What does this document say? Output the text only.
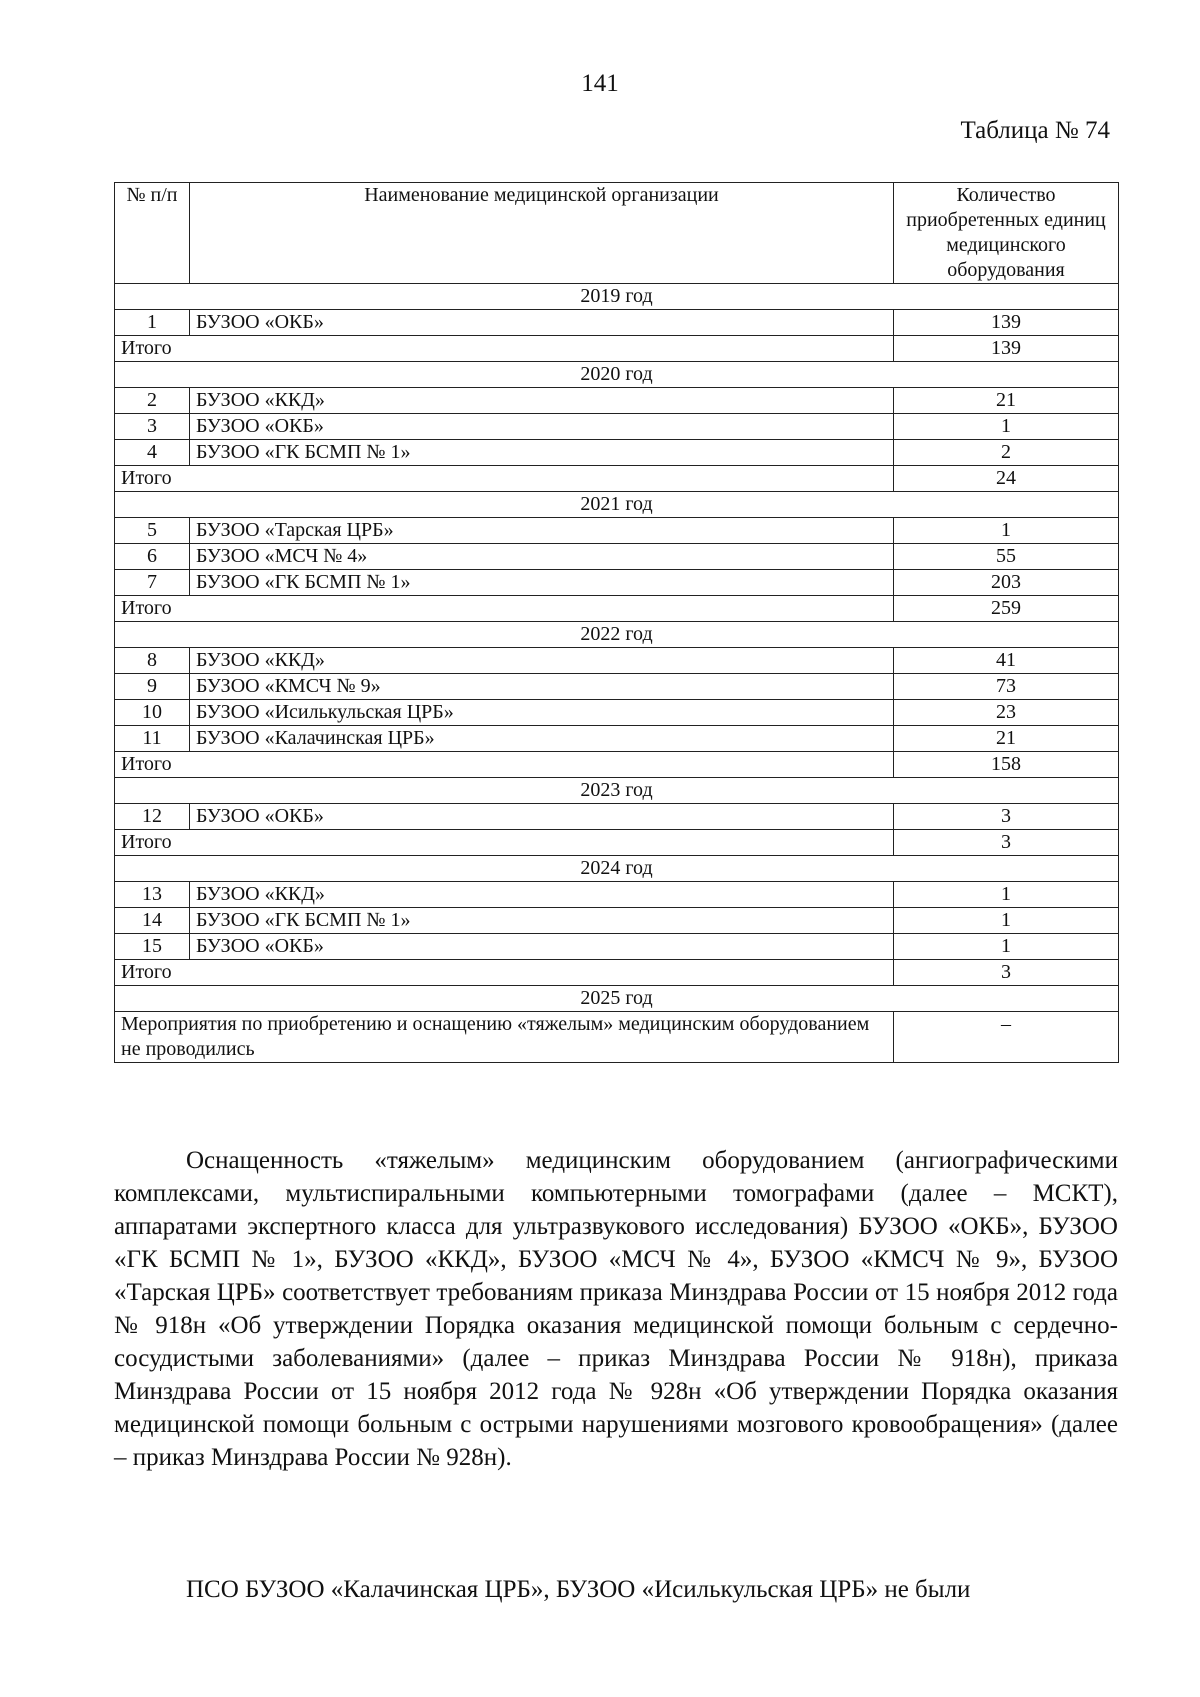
141
Таблица № 74
№ п/п	Наименование медицинской организации	Количество приобретенных единиц медицинского оборудования
2019 год		
1	БУЗОО «ОКБ»	139
Итого		139
2020 год		
2	БУЗОО «ККД»	21
3	БУЗОО «ОКБ»	1
4	БУЗОО «ГК БСМП № 1»	2
Итого		24
2021 год		
5	БУЗОО «Тарская ЦРБ»	1
6	БУЗОО «МСЧ № 4»	55
7	БУЗОО «ГК БСМП № 1»	203
Итого		259
2022 год		
8	БУЗОО «ККД»	41
9	БУЗОО «КМСЧ № 9»	73
10	БУЗОО «Исилькульская ЦРБ»	23
11	БУЗОО «Калачинская ЦРБ»	21
Итого		158
2023 год		
12	БУЗОО «ОКБ»	3
Итого		3
2024 год		
13	БУЗОО «ККД»	1
14	БУЗОО «ГК БСМП № 1»	1
15	БУЗОО «ОКБ»	1
Итого		3
2025 год		
Мероприятия по приобретению и оснащению «тяжелым» медицинским оборудованием не проводились		–

Оснащенность «тяжелым» медицинским оборудованием (ангиографическими комплексами, мультиспиральными компьютерными томографами (далее – МСКТ), аппаратами экспертного класса для ультразвукового исследования) БУЗОО «ОКБ», БУЗОО «ГК БСМП № 1», БУЗОО «ККД», БУЗОО «МСЧ № 4», БУЗОО «КМСЧ № 9», БУЗОО «Тарская ЦРБ» соответствует требованиям приказа Минздрава России от 15 ноября 2012 года № 918н «Об утверждении Порядка оказания медицинской помощи больным с сердечно-сосудистыми заболеваниями» (далее – приказ Минздрава России № 918н), приказа Минздрава России от 15 ноября 2012 года № 928н «Об утверждении Порядка оказания медицинской помощи больным с острыми нарушениями мозгового кровообращения» (далее – приказ Минздрава России № 928н).

ПСО БУЗОО «Калачинская ЦРБ», БУЗОО «Исилькульская ЦРБ» не были
